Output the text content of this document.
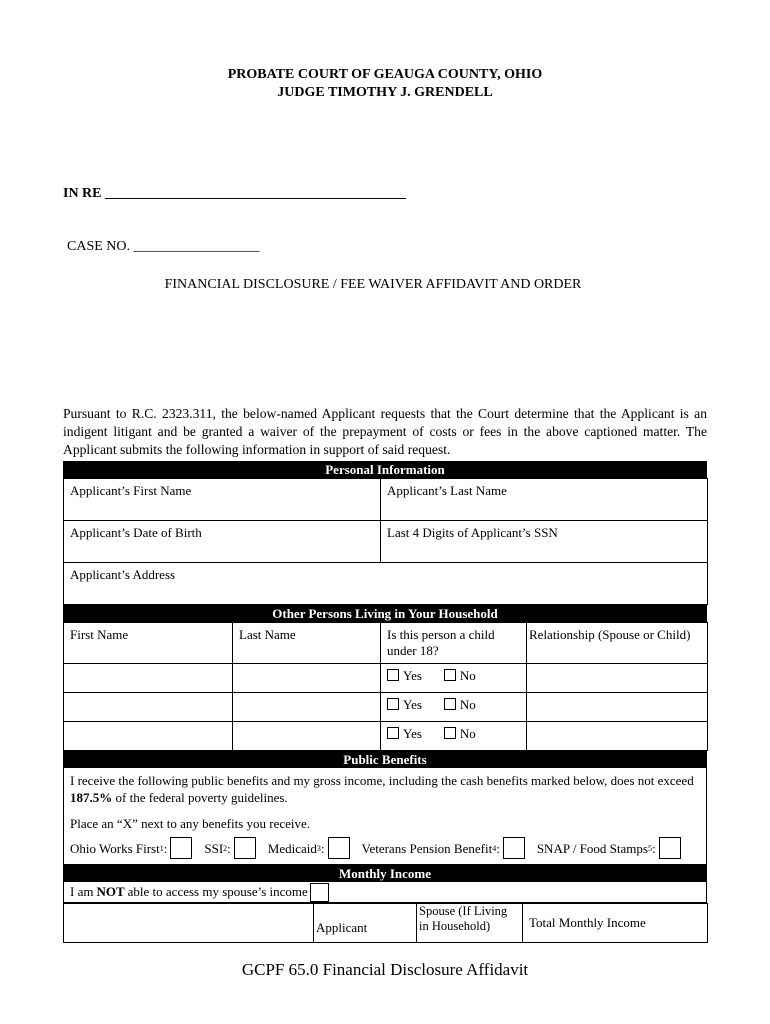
PROBATE COURT OF GEAUGA COUNTY, OHIO
JUDGE TIMOTHY J. GRENDELL
IN RE ___________________________________________
CASE NO. __________________
FINANCIAL DISCLOSURE / FEE WAIVER AFFIDAVIT AND ORDER
Pursuant to R.C. 2323.311, the below-named Applicant requests that the Court determine that the Applicant is an indigent litigant and be granted a waiver of the prepayment of costs or fees in the above captioned matter. The Applicant submits the following information in support of said request.
Personal Information
Applicant’s First Name	Applicant’s Last Name
Applicant’s Date of Birth	Last 4 Digits of Applicant’s SSN
Applicant’s Address	
Other Persons Living in Your Household
First Name	Last Name	Is this person a child under 18?	Relationship (Spouse or Child)
		Yes No	
		Yes No	
		Yes No	
Public Benefits

I receive the following public benefits and my gross income, including the cash benefits marked below, does not exceed 187.5% of the federal poverty guidelines.

Place an “X” next to any benefits you receive.

Ohio Works First 1 :	SSI 2 :	Medicaid 3 :	Veterans Pension Benefit 4 :	SNAP / Food Stamps 5 :
Monthly Income
I am NOT able to access my spouse’s income
	Applicant	Spouse (If Living in Household)	Total Monthly Income
GCPF 65.0 Financial Disclosure Affidavit
